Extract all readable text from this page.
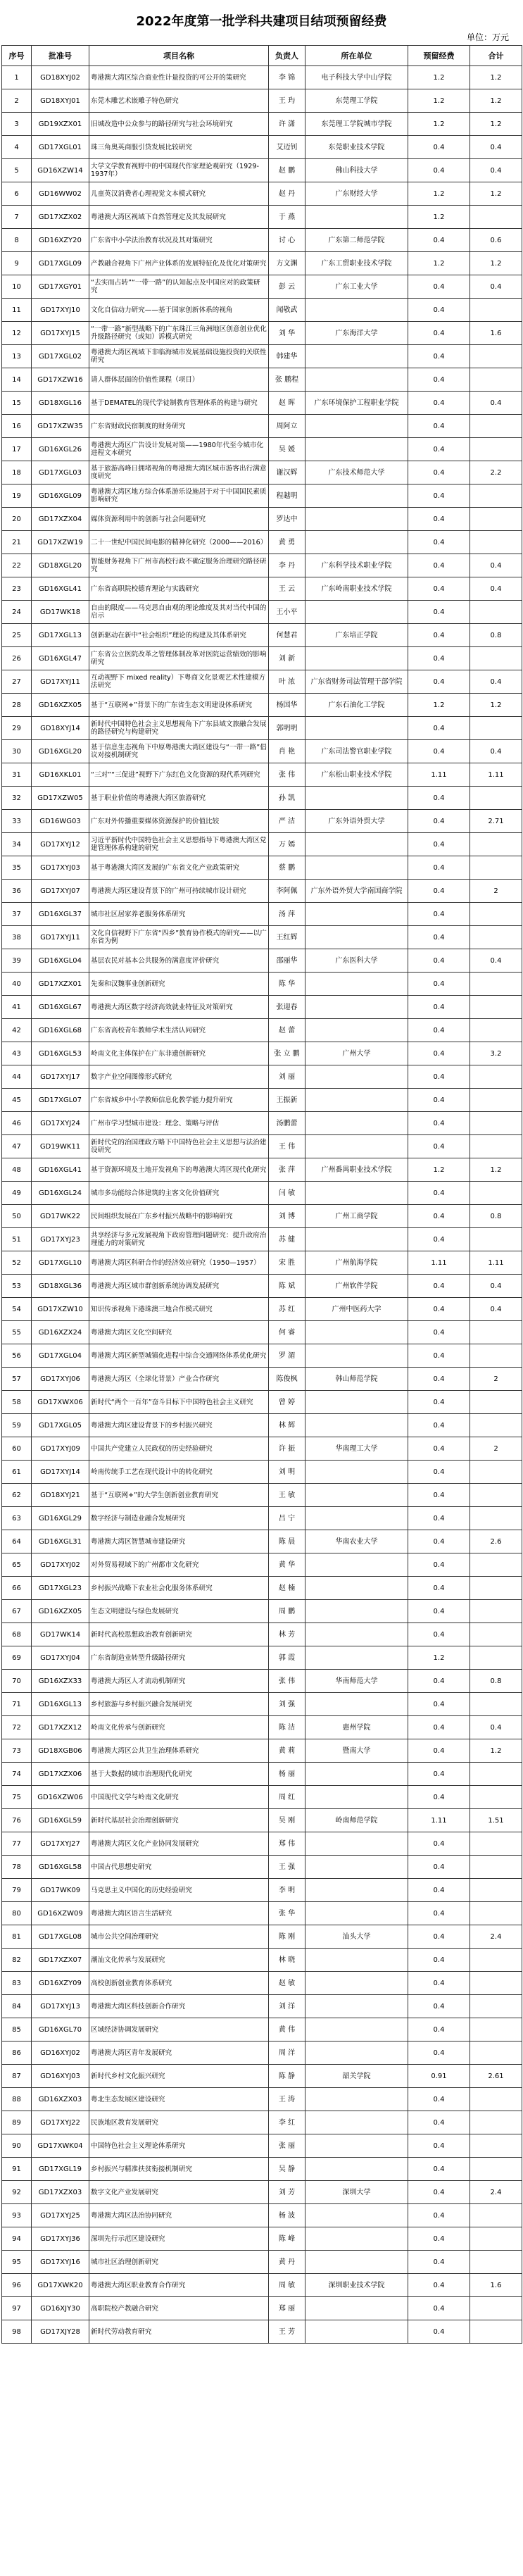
2022年度第一批学科共建项目结项预留经费
单位：万元
序号	批准号	项目名称	负责人	所在单位	预留经费	合计
1	GD18XYJ02	粤港澳大湾区综合商业性计量投资的可公开的策研究	李 锦	电子科技大学中山学院	1.2	1.2
2	GD18XYJ01	东莞木雕艺术嵌雕子特色研究	王 玙	东莞理工学院	1.2	1.2
3	GD19XZX01	旧城改造中公众参与的路径研究与社会环境研究	许 潇	东莞理工学院城市学院	1.2	1.2
4	GD17XGL01	珠三角奥英商服引贷发展比较研究	艾迈钊	东莞职业技术学院	0.4	0.4
5	GD16XZW14	大学文学教育视野中的中国现代作家理论观研究（1929-1937年）	赵 鹏	佛山科技大学	0.4	0.4
6	GD16WW02	儿童英汉消费者心理视觉文本模式研究	赵 丹	广东财经大学	1.2	1.2
7	GD17XZX02	粤港澳大湾区视域下自然管理定及其发展研究	于 燕		1.2	
8	GD16XZY20	广东省中小学法治教育状况及其对策研究	讨 心	广东第二师范学院	0.4	0.6
9	GD17XGL09	产教融合视角下广州产业体系的发展特征化及优化对策研究	方文渊	广东工贸职业技术学院	1.2	1.2
10	GD17XGY01	“去实而占转”“一带一路”的认知起点及中国应对的政策研究	彭 云	广东工业大学	0.4	0.4
11	GD17XYJ10	文化自信动力研究——基于国家创新体系的视角	闻敬武		0.4	
12	GD17XYJ15	“一带一路”新型战略下的广东珠江三角洲地区创意创业优化升级路径研究（或知）诉模式研究	刘 华	广东海洋大学	0.4	1.6
13	GD17XGL02	粤港澳大湾区视域下非临海城市发展基础设施投资的关联性研究	韩建华		0.4	
14	GD17XZW16	请人群体层面的价值性课程（项目）	张 鹏程		0.4	
15	GD18XGL16	基于DEMATEL的现代学徒制教育管理体系的构建与研究	赵 晖	广东环境保护工程职业学院	0.4	0.4
16	GD17XZW35	广东省财政民宿制度的财务研究	周阿立		0.4	
17	GD16XGL26	粤港澳大湾区广告设计发展对策——1980年代至今城市化进程文本研究	吴 媛		0.4	
18	GD17XGL03	基于旅游高峰日拥堵视角的粤港澳大湾区城市游客出行满意度研究	谢汉辉	广东技术师范大学	0.4	2.2
19	GD16XGL09	粤港澳大湾区地方综合体系游乐设施居于对于中国国民素质影响研究	程越明		0.4	
20	GD17XZX04	媒体资源利用中的创新与社会问题研究	罗达中		0.4	
21	GD17XZW19	二十一世纪中国民间电影的精神化研究（2000——2016）	黄 勇		0.4	
22	GD18XGL20	智能财务视角下广州市高校行政不确定服务治理研究路径研究	李 丹	广东科学技术职业学院	0.4	0.4
23	GD16XGL41	广东省高职院校德育理论与实践研究	王 云	广东岭南职业技术学院	0.4	0.4
24	GD17WK18	自由的限度——马克思自由观的理论维度及其对当代中国的启示	王小平		0.4	
25	GD17XGL13	创新驱动在新中“社会组织”理论的构建及其体系研究	何慧君	广东培正学院	0.4	0.8
26	GD16XGL47	广东省公立医院改革之管理体制改革对医院运营绩效的影响研究	刘 新		0.4	
27	GD17XYJ11	互动视野下 mixed reality）下粤商文化景观艺术性建模方法研究	叶 浓	广东省财务司法管理干部学院	0.4	0.4
28	GD16XZX05	基于“互联网+”背景下的广东省生态文明建设体系研究	杨国华	广东石油化工学院	1.2	1.2
29	GD18XYJ14	新时代中国特色社会主义思想视角下广东县域文旅融合发展的路径研究与构建研究	郭明明		0.4	
30	GD16XGL20	基于信息生态视角下中原粤港澳大湾区建设与“一带一路”倡议对接机制研究	肖 艳	广东司法警官职业学院	0.4	0.4
31	GD16XKL01	“三对”“三促进”视野下广东红色文化资源的现代系列研究	张 伟	广东松山职业技术学院	1.11	1.11
32	GD17XZW05	基于职业价值的粤港澳大湾区旅游研究	孙 凯		0.4	
33	GD16WG03	广东对外传播重要媒体资源保护的价值比较	严 洁	广东外语外贸大学	0.4	2.71
34	GD17XYJ12	习近平新时代中国特色社会主义思想指导下粤港澳大湾区党建管理体系构建的研究	万 嫣		0.4	
35	GD17XYJ03	基于粤港澳大湾区发展的广东省文化产业政策研究	蔡 鹏		0.4	
36	GD17XYJ07	粤港澳大湾区建设背景下的广州可持续城市设计研究	李阿佩	广东外语外贸大学南国商学院	0.4	2
37	GD16XGL37	城市社区居家养老服务体系研究	汤 萍		0.4	
38	GD17XYJ11	文化自信视野下广东省“四乡”教育协作模式的研究——以广东省为例	王红辉		0.4	
39	GD16XGL04	基层农民对基本公共服务的满意度评价研究	邵丽华	广东医科大学	0.4	0.4
40	GD17XZX01	先秦和汉魏事业创新研究	陈 华		0.4	
41	GD16XGL67	粤港澳大湾区数字经济高效就业特征及对策研究	张迎春		0.4	
42	GD16XGL68	广东省高校青年教师学术生活认同研究	赵 蕾		0.4	
43	GD16XGL53	岭南文化主体保护在广东非遗创新研究	张 立 鹏	广州大学	0.4	3.2
44	GD17XYJ17	数字产业空间图像形式研究	刘 丽		0.4	
45	GD17XGL07	广东省城乡中小学教师信息化教学能力提升研究	王振新		0.4	
46	GD17XYJ24	广州市学习型城市建设：理念、策略与评估	汤鹏蕾		0.4	
47	GD19WK11	新时代党的治国理政方略下中国特色社会主义思想与法治建设研究	王 伟		0.4	
48	GD16XGL41	基于资源环境及土地开发视角下的粤港澳大湾区现代化研究	张 萍	广州番禺职业技术学院	1.2	1.2
49	GD16XGL24	城市多功能综合体建筑的主客文化价值研究	闫 敏		0.4	
50	GD17WK22	民间组织发展在广东乡村振兴战略中的影响研究	刘 博	广州工商学院	0.4	0.8
51	GD17XYJ23	共享经济与多元发展视角下政府管理问题研究：提升政府治理能力的对策研究	苏 健		0.4	
52	GD17XGL10	粤港澳大湾区科研合作的经济效应研究（1950—1957）	宋 胜	广州航海学院	1.11	1.11
53	GD18XGL36	粤港澳大湾区城市群创新系统协调发展研究	陈 斌	广州软件学院	0.4	0.4
54	GD17XZW10	知识传承视角下港珠澳三地合作模式研究	苏 红	广州中医药大学	0.4	0.4
55	GD16XZX24	粤港澳大湾区文化空间研究	何 睿		0.4	
56	GD17XGL04	粤港澳大湾区新型城镇化进程中综合交通网络体系优化研究	罗 湄		0.4	
57	GD17XYJ06	粤港澳大湾区（全球化背景）产业合作研究	陈俊枫	韩山师范学院	0.4	2
58	GD17XWX06	新时代“两个一百年”奋斗目标下中国特色社会主义研究	曾 婷		0.4	
59	GD17XGL05	粤港澳大湾区建设背景下的乡村振兴研究	林 辉		0.4	
60	GD17XYJ09	中国共产党建立人民政权的历史经验研究	许 振	华南理工大学	0.4	2
61	GD17XYJ14	岭南传统手工艺在现代设计中的转化研究	刘 明		0.4	
62	GD18XYJ21	基于“互联网+”的大学生创新创业教育研究	王 敏		0.4	
63	GD16XGL29	数字经济与制造业融合发展研究	吕 宁		0.4	
64	GD16XGL31	粤港澳大湾区智慧城市建设研究	陈 晨	华南农业大学	0.4	2.6
65	GD17XYJ02	对外贸易视域下的广州都市文化研究	黄 华		0.4	
66	GD17XGL23	乡村振兴战略下农业社会化服务体系研究	赵 楠		0.4	
67	GD16XZX05	生态文明建设与绿色发展研究	周 鹏		0.4	
68	GD17WK14	新时代高校思想政治教育创新研究	林 芳		0.4	
69	GD17XYJ04	广东省制造业转型升级路径研究	郭 霞		1.2	
70	GD16XZX33	粤港澳大湾区人才流动机制研究	张 伟	华南师范大学	0.4	0.8
71	GD16XGL13	乡村旅游与乡村振兴融合发展研究	刘 强		0.4	
72	GD17XZX12	岭南文化传承与创新研究	陈 洁	惠州学院	0.4	0.4
73	GD18XGB06	粤港澳大湾区公共卫生治理体系研究	黄 莉	暨南大学	0.4	1.2
74	GD17XZX06	基于大数据的城市治理现代化研究	杨 丽		0.4	
75	GD16XZW06	中国现代文学与岭南文化研究	周 红		0.4	
76	GD16XGL59	新时代基层社会治理创新研究	吴 刚	岭南师范学院	1.11	1.51
77	GD17XYJ27	粤港澳大湾区文化产业协同发展研究	郑 伟		0.4	
78	GD16XGL58	中国古代思想史研究	王 强		0.4	
79	GD17WK09	马克思主义中国化的历史经验研究	李 明		0.4	
80	GD16XZW09	粤港澳大湾区语言生活研究	张 华		0.4	
81	GD17XGL08	城市公共空间治理研究	陈 刚	汕头大学	0.4	2.4
82	GD17XZX07	潮汕文化传承与发展研究	林 晓		0.4	
83	GD16XZY09	高校创新创业教育体系研究	赵 敏		0.4	
84	GD17XYJ13	粤港澳大湾区科技创新合作研究	刘 洋		0.4	
85	GD16XGL70	区域经济协调发展研究	黄 伟		0.4	
86	GD16XYJ02	粤港澳大湾区青年发展研究	周 洋		0.4	
87	GD16XYJ03	新时代乡村文化振兴研究	陈 静	韶关学院	0.91	2.61
88	GD16XZX03	粤北生态发展区建设研究	王 涛		0.4	
89	GD17XYJ22	民族地区教育发展研究	李 红		0.4	
90	GD17XWK04	中国特色社会主义理论体系研究	张 丽		0.4	
91	GD17XGL19	乡村振兴与精准扶贫衔接机制研究	吴 静		0.4	
92	GD17XZX03	数字文化产业发展研究	刘 芳	深圳大学	0.4	2.4
93	GD17XYJ25	粤港澳大湾区法治协同研究	杨 波		0.4	
94	GD17XYJ36	深圳先行示范区建设研究	陈 峰		0.4	
95	GD17XYJ16	城市社区治理创新研究	黄 丹		0.4	
96	GD17XWK20	粤港澳大湾区职业教育合作研究	周 敏	深圳职业技术学院	0.4	1.6
97	GD16XJY30	高职院校产教融合研究	郑 丽		0.4	
98	GD17XJY28	新时代劳动教育研究	王 芳		0.4	
